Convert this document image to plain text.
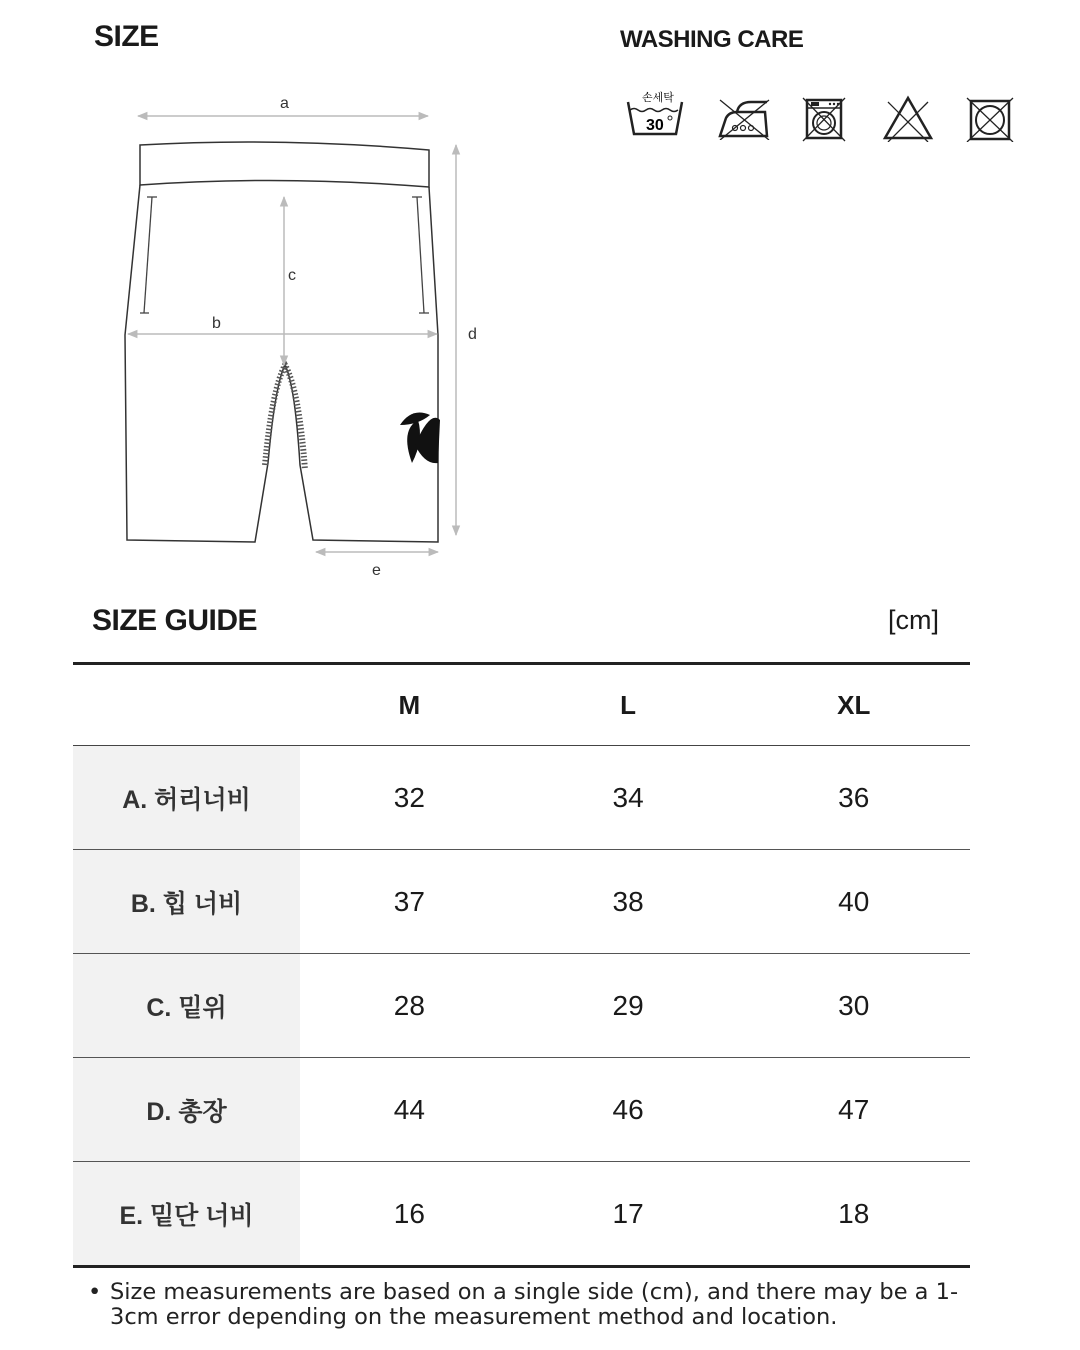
SIZE	WASHING CARE
손세탁
30
a
b
c
d
e
SIZE GUIDE	[cm]
	M	L	XL
A. 허리너비	32	34	36
B. 힙 너비	37	38	40
C. 밑위	28	29	30
D. 총장	44	46	47
E. 밑단 너비	16	17	18
• Size measurements are based on a single side (cm), and there may be a 1-3cm error depending on the measurement method and location.
